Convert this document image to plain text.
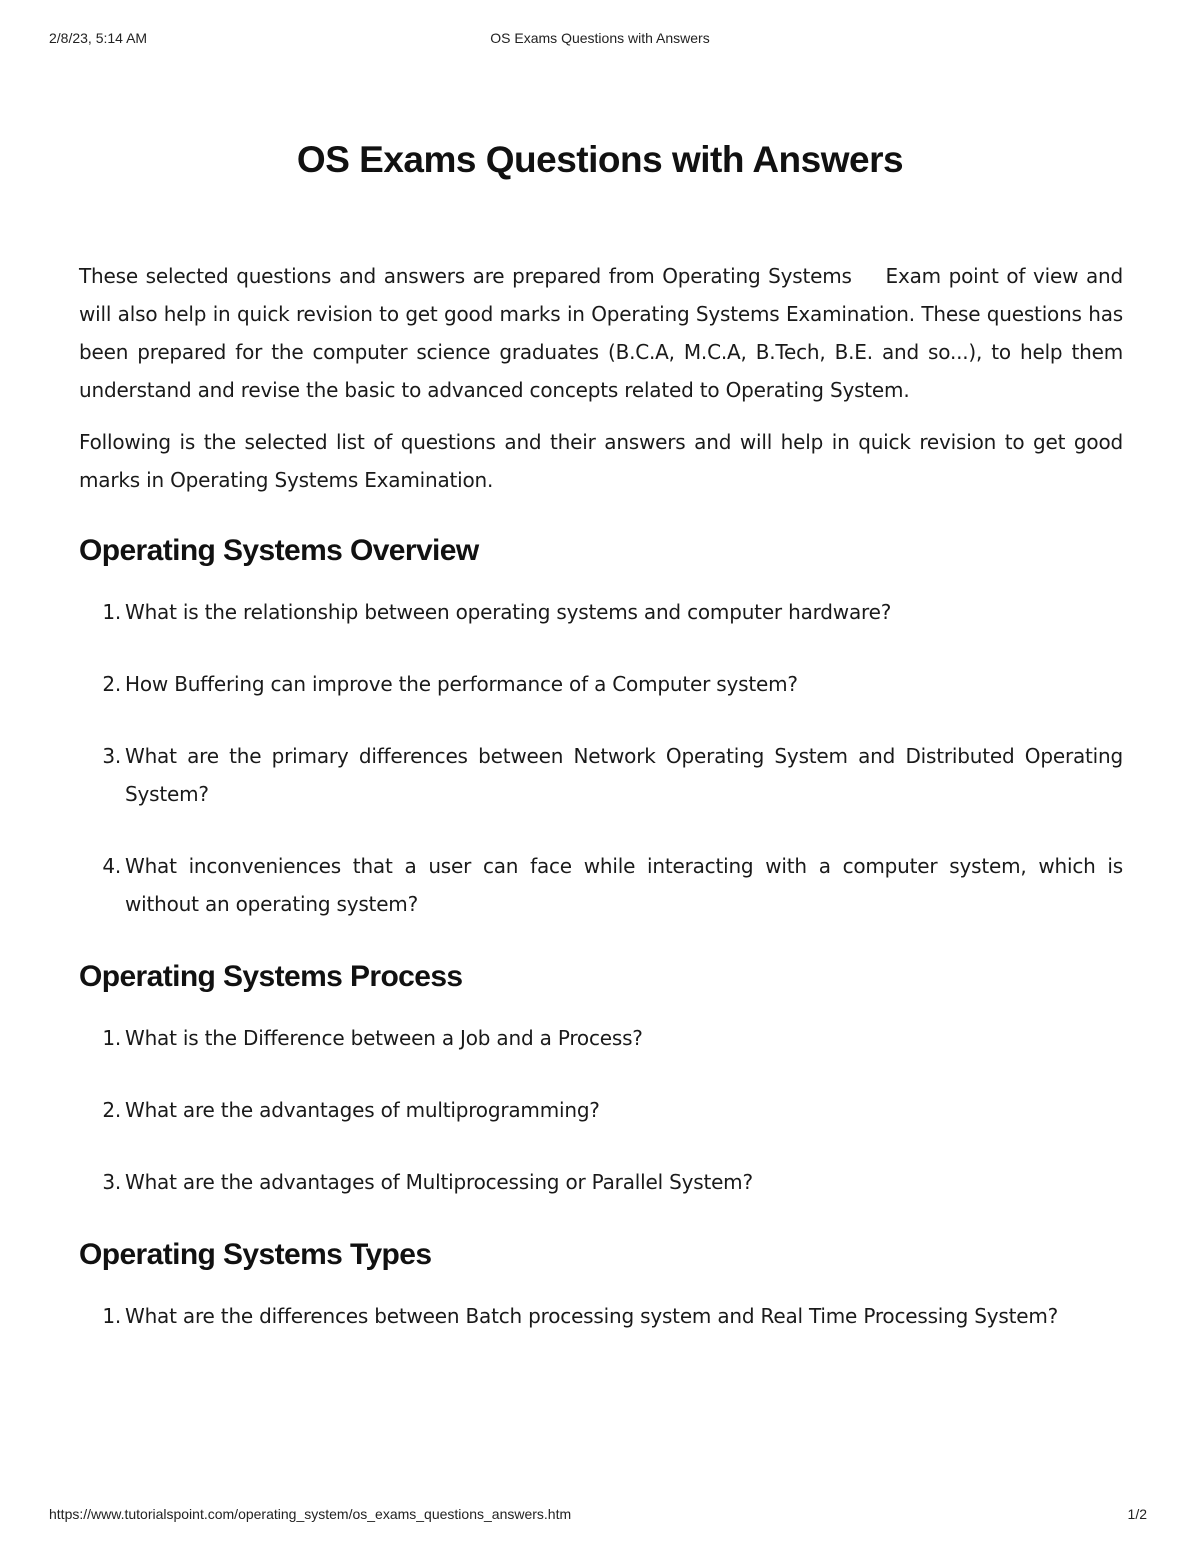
2/8/23, 5:14 AM	OS Exams Questions with Answers
OS Exams Questions with Answers

These selected questions and answers are prepared from Operating Systems Exam point of view and will also help in quick revision to get good marks in Operating Systems Examination. These questions has been prepared for the computer science graduates (B.C.A, M.C.A, B.Tech, B.E. and so...), to help them understand and revise the basic to advanced concepts related to Operating System.

Following is the selected list of questions and their answers and will help in quick revision to get good marks in Operating Systems Examination.

Operating Systems Overview
1. What is the relationship between operating systems and computer hardware?
2. How Buffering can improve the performance of a Computer system?
3. What are the primary differences between Network Operating System and Distributed Operating System?
4. What inconveniences that a user can face while interacting with a computer system, which is without an operating system?
Operating Systems Process
1. What is the Difference between a Job and a Process?
2. What are the advantages of multiprogramming?
3. What are the advantages of Multiprocessing or Parallel System?
Operating Systems Types
1. What are the differences between Batch processing system and Real Time Processing System?
https://www.tutorialspoint.com/operating_system/os_exams_questions_answers.htm	1/2
